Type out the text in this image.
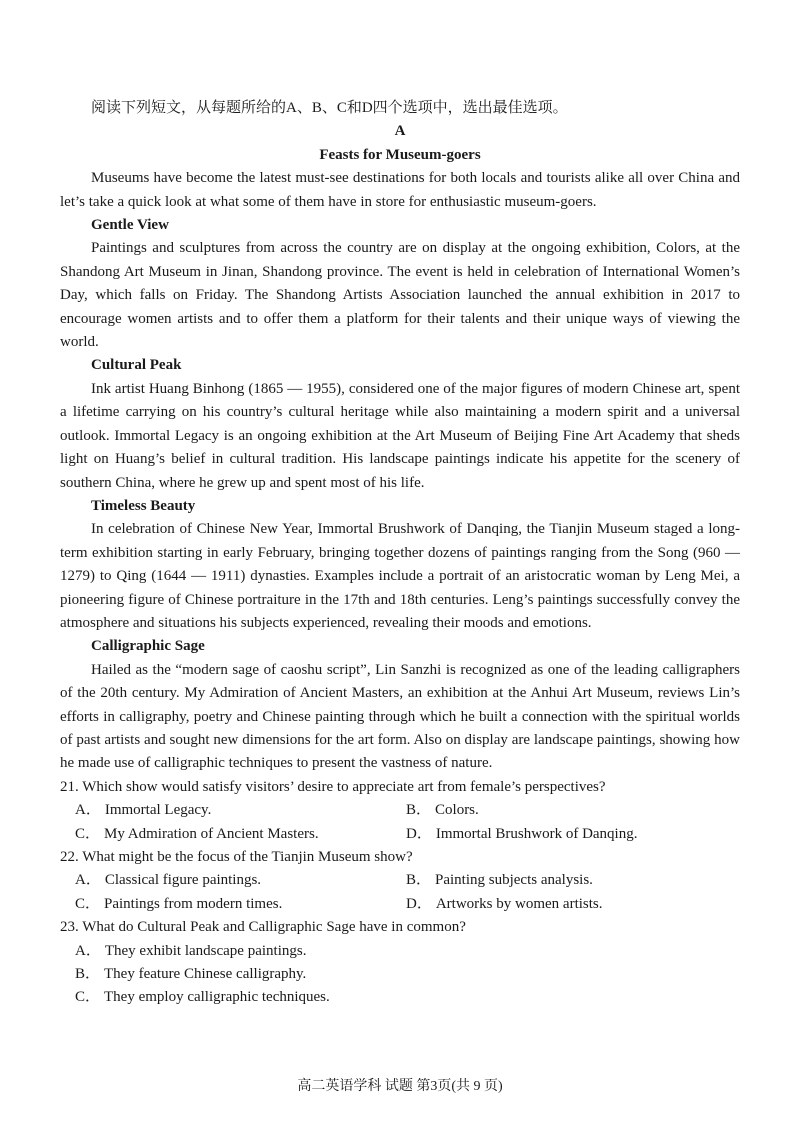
阅读下列短文，从每题所给的A、B、C和D四个选项中，选出最佳选项。
A
Feasts for Museum-goers
Museums have become the latest must-see destinations for both locals and tourists alike all over China and let’s take a quick look at what some of them have in store for enthusiastic museum-goers.
Gentle View
Paintings and sculptures from across the country are on display at the ongoing exhibition, Colors, at the Shandong Art Museum in Jinan, Shandong province. The event is held in celebration of International Women’s Day, which falls on Friday. The Shandong Artists Association launched the annual exhibition in 2017 to encourage women artists and to offer them a platform for their talents and their unique ways of viewing the world.
Cultural Peak
Ink artist Huang Binhong (1865 — 1955), considered one of the major figures of modern Chinese art, spent a lifetime carrying on his country’s cultural heritage while also maintaining a modern spirit and a universal outlook. Immortal Legacy is an ongoing exhibition at the Art Museum of Beijing Fine Art Academy that sheds light on Huang’s belief in cultural tradition. His landscape paintings indicate his appetite for the scenery of southern China, where he grew up and spent most of his life.
Timeless Beauty
In celebration of Chinese New Year, Immortal Brushwork of Danqing, the Tianjin Museum staged a long-term exhibition starting in early February, bringing together dozens of paintings ranging from the Song (960 — 1279) to Qing (1644 — 1911) dynasties. Examples include a portrait of an aristocratic woman by Leng Mei, a pioneering figure of Chinese portraiture in the 17th and 18th centuries. Leng’s paintings successfully convey the atmosphere and situations his subjects experienced, revealing their moods and emotions.
Calligraphic Sage
Hailed as the “modern sage of caoshu script”, Lin Sanzhi is recognized as one of the leading calligraphers of the 20th century. My Admiration of Ancient Masters, an exhibition at the Anhui Art Museum, reviews Lin’s efforts in calligraphy, poetry and Chinese painting through which he built a connection with the spiritual worlds of past artists and sought new dimensions for the art form. Also on display are landscape paintings, showing how he made use of calligraphic techniques to present the vastness of nature.
21. Which show would satisfy visitors’ desire to appreciate art from female’s perspectives?
A． Immortal Legacy.	B． Colors.
C． My Admiration of Ancient Masters.	D． Immortal Brushwork of Danqing.
22. What might be the focus of the Tianjin Museum show?
A． Classical figure paintings.	B． Painting subjects analysis.
C． Paintings from modern times.	D． Artworks by women artists.
23. What do Cultural Peak and Calligraphic Sage have in common?
A． They exhibit landscape paintings.
B． They feature Chinese calligraphy.
C． They employ calligraphic techniques.
高二英语学科 试题 第3页(共 9 页)
